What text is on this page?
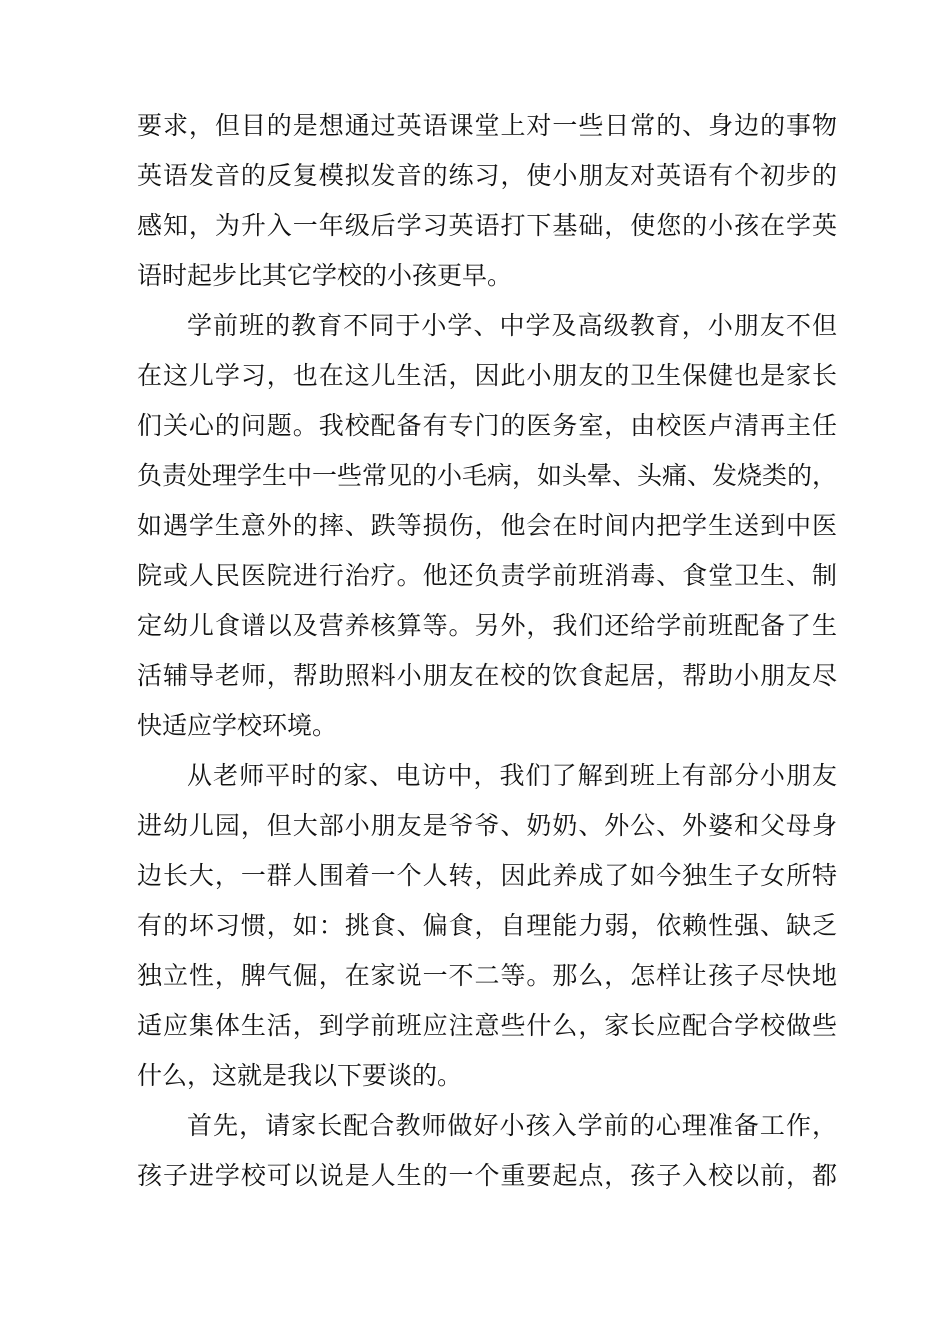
要求，但目的是想通过英语课堂上对一些日常的、身边的事物
英语发音的反复模拟发音的练习，使小朋友对英语有个初步的
感知，为升入一年级后学习英语打下基础，使您的小孩在学英
语时起步比其它学校的小孩更早。
学前班的教育不同于小学、中学及高级教育，小朋友不但
在这儿学习，也在这儿生活，因此小朋友的卫生保健也是家长
们关心的问题。我校配备有专门的医务室，由校医卢清再主任
负责处理学生中一些常见的小毛病，如头晕、头痛、发烧类的，
如遇学生意外的摔、跌等损伤，他会在时间内把学生送到中医
院或人民医院进行治疗。他还负责学前班消毒、食堂卫生、制
定幼儿食谱以及营养核算等。另外，我们还给学前班配备了生
活辅导老师，帮助照料小朋友在校的饮食起居，帮助小朋友尽
快适应学校环境。
从老师平时的家、电访中，我们了解到班上有部分小朋友
进幼儿园，但大部小朋友是爷爷、奶奶、外公、外婆和父母身
边长大，一群人围着一个人转，因此养成了如今独生子女所特
有的坏习惯，如：挑食、偏食，自理能力弱，依赖性强、缺乏
独立性，脾气倔，在家说一不二等。那么，怎样让孩子尽快地
适应集体生活，到学前班应注意些什么，家长应配合学校做些
什么，这就是我以下要谈的。
首先，请家长配合教师做好小孩入学前的心理准备工作，
孩子进学校可以说是人生的一个重要起点，孩子入校以前，都
